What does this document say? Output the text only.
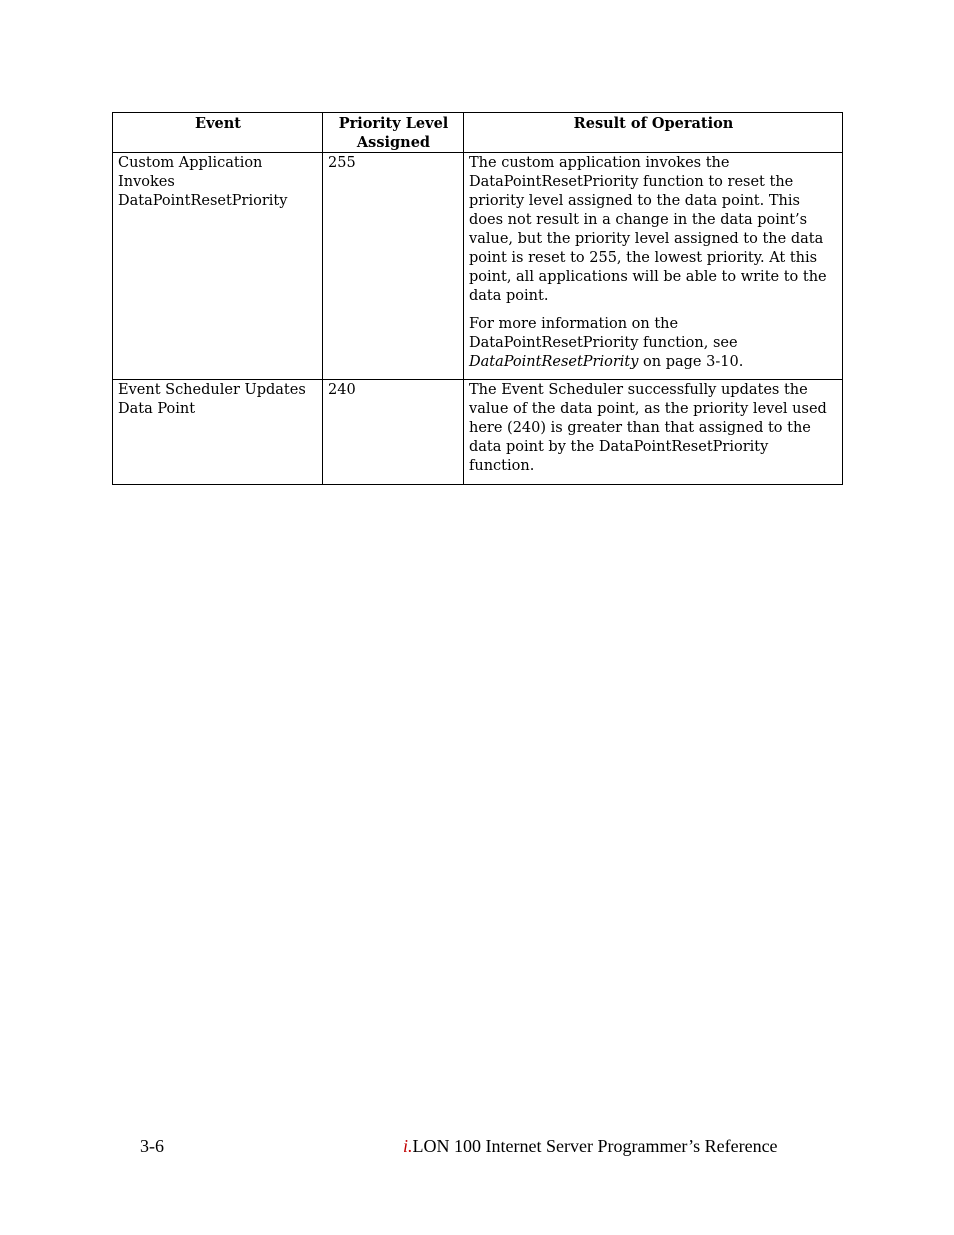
Event	Priority Level Assigned	Result of Operation
Custom Application Invokes DataPointResetPriority	255	The custom application invokes the DataPointResetPriority function to reset the priority level assigned to the data point. This does not result in a change in the data point’s value, but the priority level assigned to the data point is reset to 255, the lowest priority. At this point, all applications will be able to write to the data point.

For more information on the DataPointResetPriority function, see DataPointResetPriority on page 3-10.

Event Scheduler Updates Data Point	240	The Event Scheduler successfully updates the value of the data point, as the priority level used here (240) is greater than that assigned to the data point by the DataPointResetPriority function.

3-6	i.LON 100 Internet Server Programmer’s Reference
